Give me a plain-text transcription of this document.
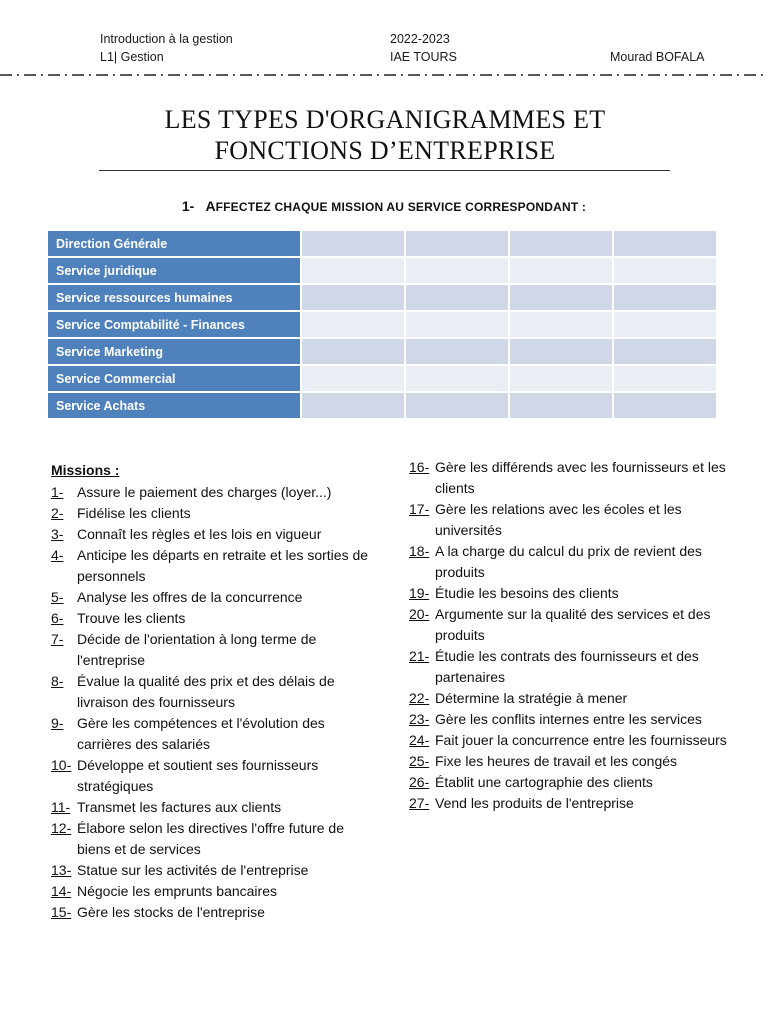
Introduction à la gestion
L1| Gestion
2022-2023
IAE TOURS	Mourad BOFALA
LES TYPES D'ORGANIGRAMMES ET
FONCTIONS D’ENTREPRISE
1- AFFECTEZ CHAQUE MISSION AU SERVICE CORRESPONDANT :
Direction Générale				
Service juridique				
Service ressources humaines				
Service Comptabilité - Finances				
Service Marketing				
Service Commercial				
Service Achats				
Missions :
1- Assure le paiement des charges (loyer...)
2- Fidélise les clients
3- Connaît les règles et les lois en vigueur
4- Anticipe les départs en retraite et les sorties de personnels
5- Analyse les offres de la concurrence
6- Trouve les clients
7- Décide de l'orientation à long terme de l'entreprise
8- Évalue la qualité des prix et des délais de livraison des fournisseurs
9- Gère les compétences et l'évolution des carrières des salariés
10- Développe et soutient ses fournisseurs stratégiques
11- Transmet les factures aux clients
12- Élabore selon les directives l'offre future de biens et de services
13- Statue sur les activités de l'entreprise
14- Négocie les emprunts bancaires
15- Gère les stocks de l'entreprise
16- Gère les différends avec les fournisseurs et les clients
17- Gère les relations avec les écoles et les universités
18- A la charge du calcul du prix de revient des produits
19- Étudie les besoins des clients
20- Argumente sur la qualité des services et des produits
21- Étudie les contrats des fournisseurs et des partenaires
22- Détermine la stratégie à mener
23- Gère les conflits internes entre les services
24- Fait jouer la concurrence entre les fournisseurs
25- Fixe les heures de travail et les congés
26- Établit une cartographie des clients
27- Vend les produits de l'entreprise
